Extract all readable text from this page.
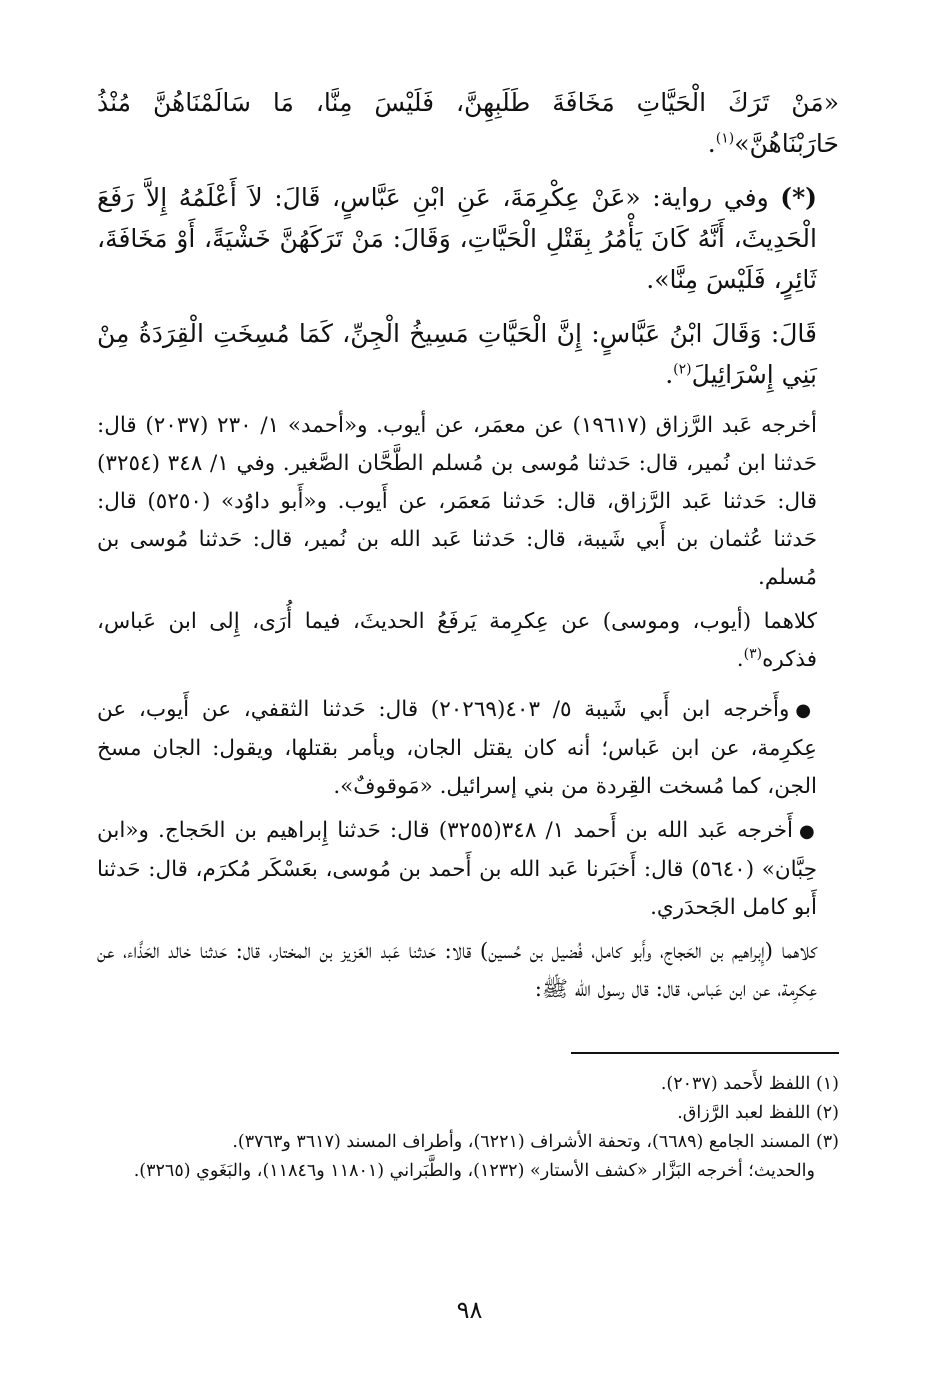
«مَنْ تَرَكَ الْحَيَّاتِ مَخَافَةَ طَلَبِهِنَّ، فَلَيْسَ مِنَّا، مَا سَالَمْنَاهُنَّ مُنْذُ حَارَبْنَاهُنَّ»$^{(١)}$.

(*) وفي رواية: «عَنْ عِكْرِمَةَ، عَنِ ابْنِ عَبَّاسٍ، قَالَ: لاَ أَعْلَمُهُ إِلاَّ رَفَعَ الْحَدِيثَ، أَنَّهُ كَانَ يَأْمُرُ بِقَتْلِ الْحَيَّاتِ، وَقَالَ: مَنْ تَرَكَهُنَّ خَشْيَةً، أَوْ مَخَافَةَ، ثَائِرٍ، فَلَيْسَ مِنَّا».

قَالَ: وَقَالَ ابْنُ عَبَّاسٍ: إِنَّ الْحَيَّاتِ مَسِيخُ الْجِنِّ، كَمَا مُسِخَتِ الْقِرَدَةُ مِنْ بَنِي إِسْرَائِيلَ$^{(٢)}$.

أخرجه عَبد الرَّزاق (١٩٦١٧) عن معمَر، عن أيوب. و«أحمد» ١/ ٢٣٠ (٢٠٣٧) قال: حَدثنا ابن نُمير، قال: حَدثنا مُوسى بن مُسلم الطَّحَّان الصَّغير. وفي ١/ ٣٤٨ (٣٢٥٤) قال: حَدثنا عَبد الرَّزاق، قال: حَدثنا مَعمَر، عن أَيوب. و«أَبو داوُد» (٥٢٥٠) قال: حَدثنا عُثمان بن أَبي شَيبة، قال: حَدثنا عَبد الله بن نُمير، قال: حَدثنا مُوسى بن مُسلم.

كلاهما (أيوب، وموسى) عن عِكرِمة يَرفَعُ الحديثَ، فيما أُرَى، إِلى ابن عَباس، فذكره$^{(٣)}$.

●وأَخرجه ابن أَبي شَيبة ٥/ ٤٠٣(٢٠٢٦٩) قال: حَدثنا الثقفي، عن أَيوب، عن عِكرِمة، عن ابن عَباس؛ أنه كان يقتل الجان، ويأمر بقتلها، ويقول: الجان مسخ الجن، كما مُسخت القِردة من بني إسرائيل. «مَوقوفٌ».

●أَخرجه عَبد الله بن أَحمد ١/ ٣٤٨(٣٢٥٥) قال: حَدثنا إِبراهيم بن الحَجاج. و«ابن حِبَّان» (٥٦٤٠) قال: أَخبَرنا عَبد الله بن أَحمد بن مُوسى، بعَسْكَر مُكرَم، قال: حَدثنا أَبو كامل الجَحدَري.

كلاهما (إِبراهيم بن الحَجاج، وأَبو كامل، فُضيل بن حُسين) قالا: حَدثنا عَبد العَزيز بن المختار، قال: حَدثنا خالد الحَذَّاء، عن عِكرِمة، عن ابن عَباس، قال: قال رسول الله ﷺ:

(١) اللفظ لأَحمد (٢٠٣٧).

(٢) اللفظ لعبد الرَّزاق.

(٣) المسند الجامع (٦٦٨٩)، وتحفة الأشراف (٦٢٢١)، وأطراف المسند (٣٦١٧ و٣٧٦٣).
والحديث؛ أخرجه البَزَّار «كشف الأستار» (١٢٣٢)، والطَّبَراني (١١٨٠١ و١١٨٤٦)، والبَغَوي (٣٢٦٥).

٩٨
